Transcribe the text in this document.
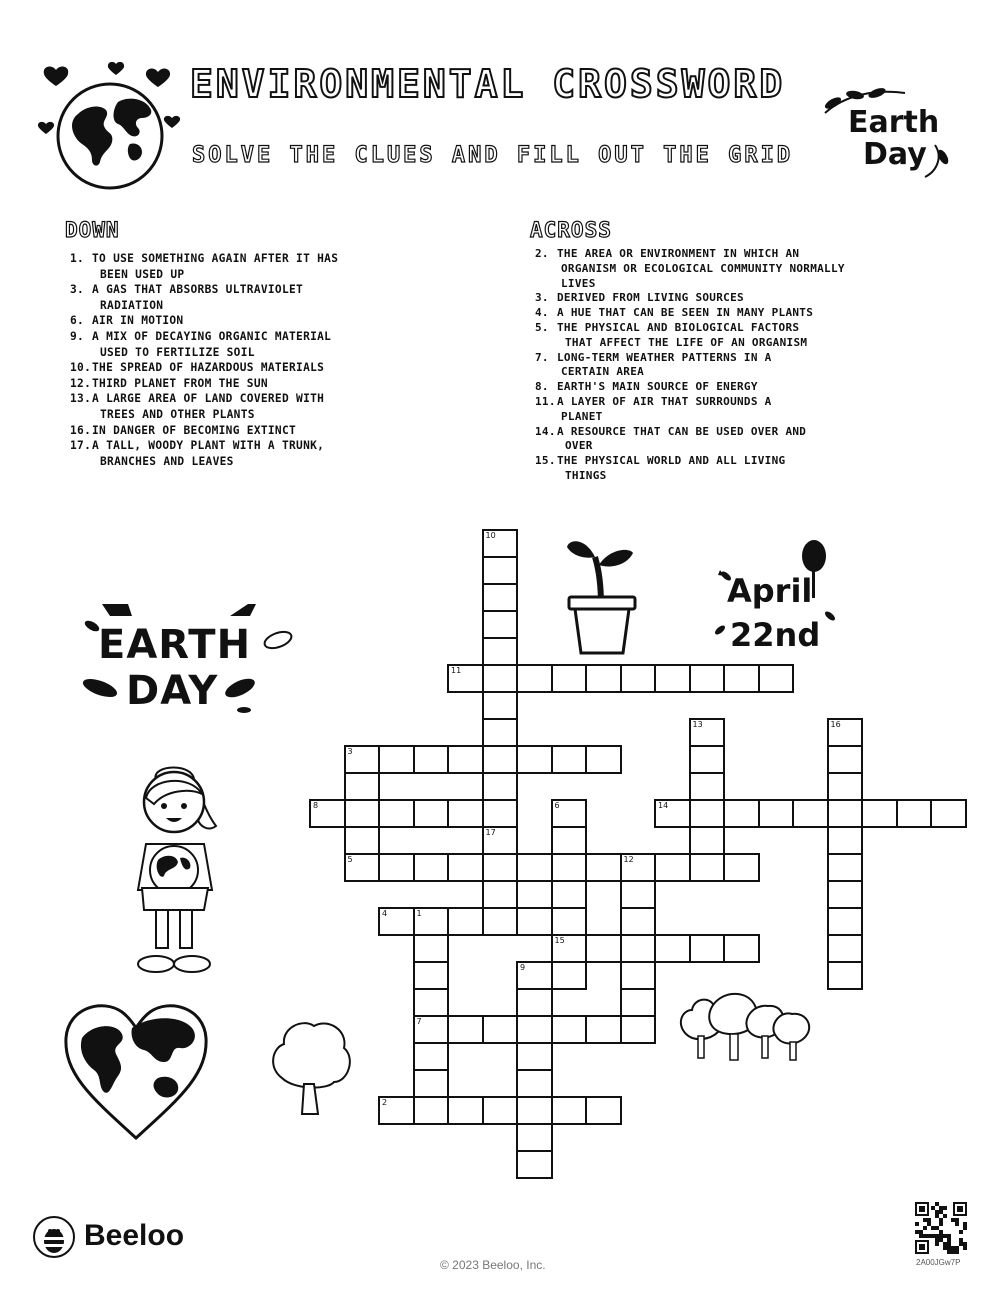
ENVIRONMENTAL CROSSWORD
SOLVE THE CLUES AND FILL OUT THE GRID
Earth
Day
DOWN
1. TO USE SOMETHING AGAIN AFTER IT HAS
BEEN USED UP
3. A GAS THAT ABSORBS ULTRAVIOLET
RADIATION
6. AIR IN MOTION
9. A MIX OF DECAYING ORGANIC MATERIAL
USED TO FERTILIZE SOIL
10. THE SPREAD OF HAZARDOUS MATERIALS
12. THIRD PLANET FROM THE SUN
13. A LARGE AREA OF LAND COVERED WITH
TREES AND OTHER PLANTS
16. IN DANGER OF BECOMING EXTINCT
17. A TALL, WOODY PLANT WITH A TRUNK,
BRANCHES AND LEAVES
ACROSS
2. THE AREA OR ENVIRONMENT IN WHICH AN
ORGANISM OR ECOLOGICAL COMMUNITY NORMALLY
LIVES
3. DERIVED FROM LIVING SOURCES
4. A HUE THAT CAN BE SEEN IN MANY PLANTS
5. THE PHYSICAL AND BIOLOGICAL FACTORS
THAT AFFECT THE LIFE OF AN ORGANISM
7. LONG-TERM WEATHER PATTERNS IN A
CERTAIN AREA
8. EARTH'S MAIN SOURCE OF ENERGY
11. A LAYER OF AIR THAT SURROUNDS A
PLANET
14. A RESOURCE THAT CAN BE USED OVER AND
OVER
15. THE PHYSICAL WORLD AND ALL LIVING
THINGS
10
17
13	16
3
5
6
15
12
1
7
9
11
8	14
4
2
April
22nd
EARTH
DAY
Beeloo
© 2023 Beeloo, Inc.	2A00JGw7P
